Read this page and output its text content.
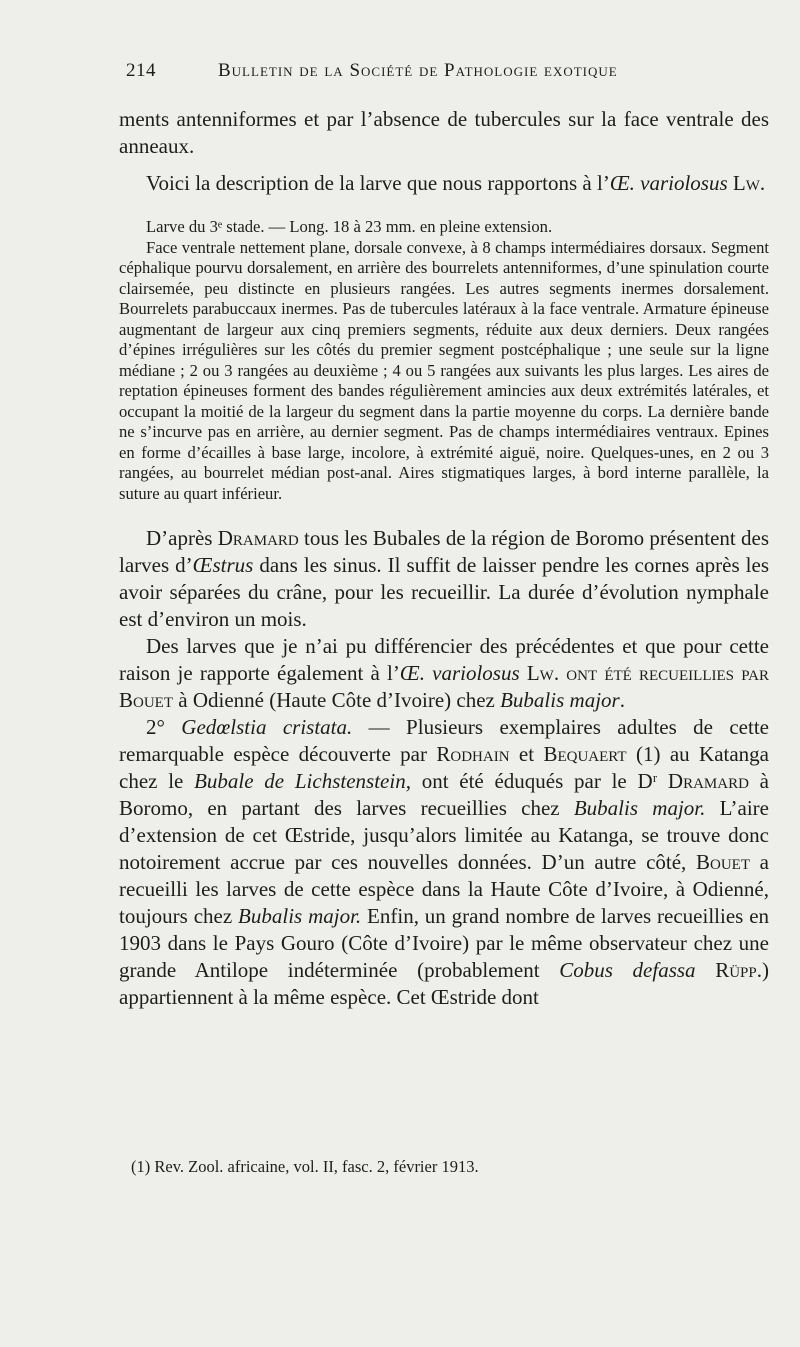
214	Bulletin de la Société de Pathologie exotique

ments antenniformes et par l’absence de tubercules sur la face ventrale des anneaux.

Voici la description de la larve que nous rapportons à l’Œ. variolosus Lw.

Larve du 3ᵉ stade. — Long. 18 à 23 mm. en pleine extension.

Face ventrale nettement plane, dorsale convexe, à 8 champs intermédiaires dorsaux. Segment céphalique pourvu dorsalement, en arrière des bourrelets antenniformes, d’une spinulation courte clairsemée, peu distincte en plusieurs rangées. Les autres segments inermes dorsalement. Bourrelets parabuccaux inermes. Pas de tubercules latéraux à la face ventrale. Armature épineuse augmentant de largeur aux cinq premiers segments, réduite aux deux derniers. Deux rangées d’épines irrégulières sur les côtés du premier segment postcéphalique ; une seule sur la ligne médiane ; 2 ou 3 rangées au deuxième ; 4 ou 5 rangées aux suivants les plus larges. Les aires de reptation épineuses forment des bandes régulièrement amincies aux deux extrémités latérales, et occupant la moitié de la largeur du segment dans la partie moyenne du corps. La dernière bande ne s’incurve pas en arrière, au dernier segment. Pas de champs intermédiaires ventraux. Epines en forme d’écailles à base large, incolore, à extrémité aiguë, noire. Quelques-unes, en 2 ou 3 rangées, au bourrelet médian post-anal. Aires stigmatiques larges, à bord interne parallèle, la suture au quart inférieur.

D’après Dramard tous les Bubales de la région de Boromo présentent des larves d’Œstrus dans les sinus. Il suffit de laisser pendre les cornes après les avoir séparées du crâne, pour les recueillir. La durée d’évolution nymphale est d’environ un mois.

Des larves que je n’ai pu différencier des précédentes et que pour cette raison je rapporte également à l’Œ. variolosus Lw. ont été recueillies par Bouet à Odienné (Haute Côte d’Ivoire) chez Bubalis major.

2° Gedœlstia cristata. — Plusieurs exemplaires adultes de cette remarquable espèce découverte par Rodhain et Bequaert (1) au Katanga chez le Bubale de Lichstenstein, ont été éduqués par le Dʳ Dramard à Boromo, en partant des larves recueillies chez Bubalis major. L’aire d’extension de cet Œstride, jusqu’alors limitée au Katanga, se trouve donc notoirement accrue par ces nouvelles données. D’un autre côté, Bouet a recueilli les larves de cette espèce dans la Haute Côte d’Ivoire, à Odienné, toujours chez Bubalis major. Enfin, un grand nombre de larves recueillies en 1903 dans le Pays Gouro (Côte d’Ivoire) par le même observateur chez une grande Antilope indéterminée (probablement Cobus defassa Rüpp.) appartiennent à la même espèce. Cet Œstride dont

(1) Rev. Zool. africaine, vol. II, fasc. 2, février 1913.
